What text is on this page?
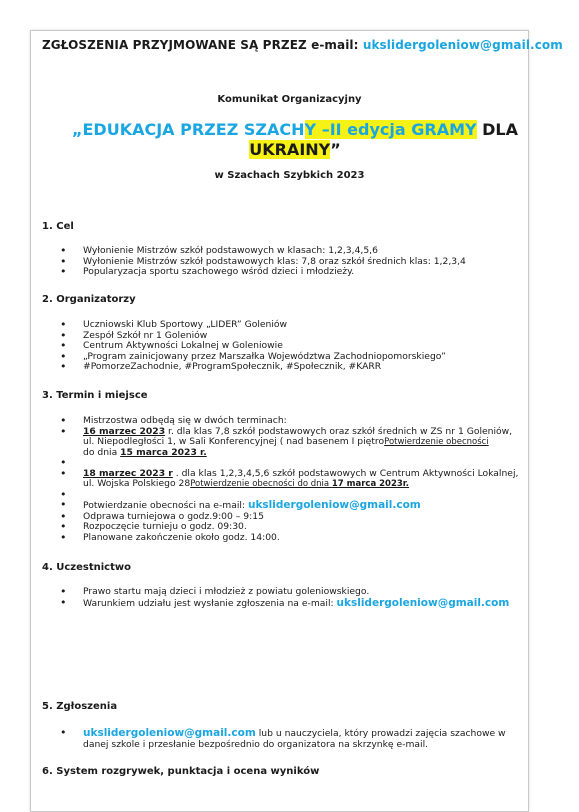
ZGŁOSZENIA PRZYJMOWANE SĄ PRZEZ e-mail: ukslidergoleniow@gmail.com
Komunikat Organizacyjny
„EDUKACJA PRZEZ SZACHY –II edycja GRAMY DLA
UKRAINY”
w Szachach Szybkich 2023
1. Cel
• Wyłonienie Mistrzów szkół podstawowych w klasach: 1,2,3,4,5,6
• Wyłonienie Mistrzów szkół podstawowych klas: 7,8 oraz szkół średnich klas: 1,2,3,4
• Popularyzacja sportu szachowego wśród dzieci i młodzieży.
2. Organizatorzy
• Uczniowski Klub Sportowy „LIDER” Goleniów
• Zespół Szkół nr 1 Goleniów
• Centrum Aktywności Lokalnej w Goleniowie
• „Program zainicjowany przez Marszałka Województwa Zachodniopomorskiego”
• #PomorzeZachodnie, #ProgramSpołecznik, #Społecznik, #KARR
3. Termin i miejsce
• Mistrzostwa odbędą się w dwóch terminach:
• 16 marzec 2023 r. dla klas 7,8 szkół podstawowych oraz szkół średnich w ZS nr 1 Goleniów,
ul. Niepodległości 1, w Sali Konferencyjnej ( nad basenem I piętroPotwierdzenie obecności
do dnia 15 marca 2023 r.
•
• 18 marzec 2023 r . dla klas 1,2,3,4,5,6 szkół podstawowych w Centrum Aktywności Lokalnej,
ul. Wojska Polskiego 28Potwierdzenie obecności do dnia 17 marca 2023r.
•
• Potwierdzanie obecności na e-mail: ukslidergoleniow@gmail.com
• Odprawa turniejowa o godz.9:00 – 9:15
• Rozpoczęcie turnieju o godz. 09:30.
• Planowane zakończenie około godz. 14:00.
4. Uczestnictwo
• Prawo startu mają dzieci i młodzież z powiatu goleniowskiego.
• Warunkiem udziału jest wysłanie zgłoszenia na e-mail: ukslidergoleniow@gmail.com
5. Zgłoszenia
• ukslidergoleniow@gmail.com lub u nauczyciela, który prowadzi zajęcia szachowe w
danej szkole i przesłanie bezpośrednio do organizatora na skrzynkę e-mail.
6. System rozgrywek, punktacja i ocena wyników
